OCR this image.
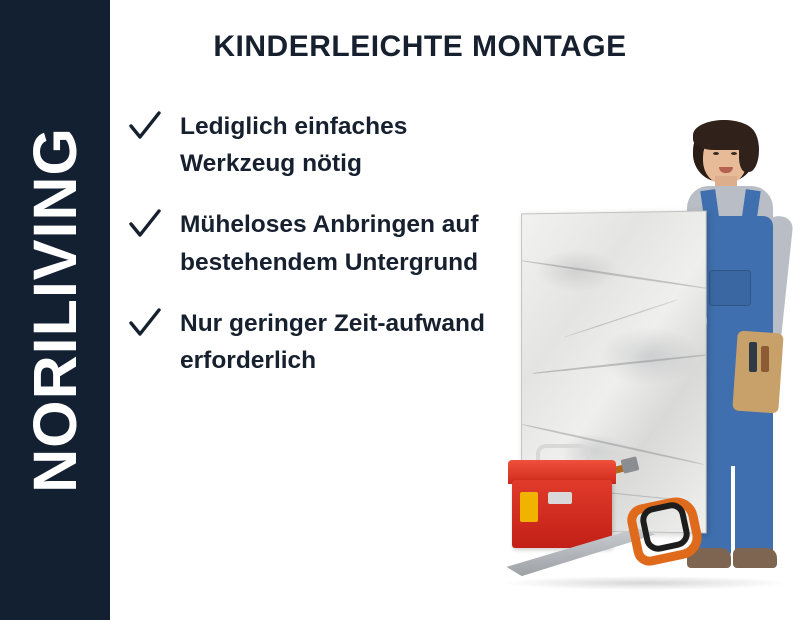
NORILIVING
KINDERLEICHTE MONTAGE
Lediglich einfaches Werkzeug nötig
Müheloses Anbringen auf bestehendem Untergrund
Nur geringer Zeit-aufwand erforderlich
